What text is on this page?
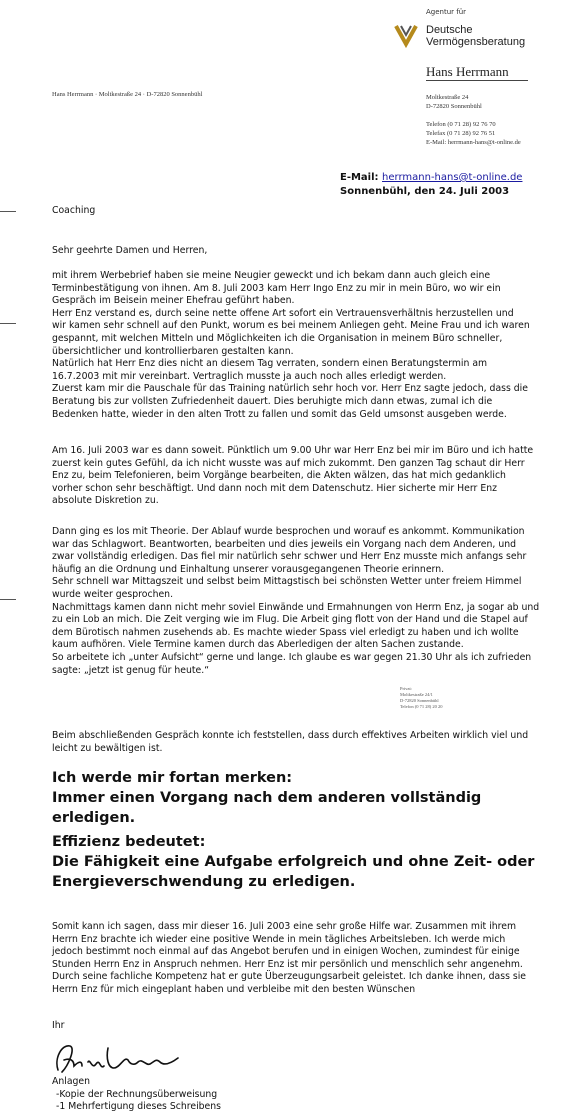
Agentur für
Deutsche
Vermögensberatung
Hans Herrmann
Hans Herrmann · Moltkestraße 24 · D-72820 Sonnenbühl	Moltkestraße 24
D-72820 Sonnenbühl
Telefon (0 71 28) 92 76 70
Telefax (0 71 28) 92 76 51
E-Mail: herrmann-hans@t-online.de
E-Mail: herrmann-hans@t-online.de
Sonnenbühl, den 24. Juli 2003
Coaching
Sehr geehrte Damen und Herren,
mit ihrem Werbebrief haben sie meine Neugier geweckt und ich bekam dann auch gleich eine
Terminbestätigung von ihnen. Am 8. Juli 2003 kam Herr Ingo Enz zu mir in mein Büro, wo wir ein
Gespräch im Beisein meiner Ehefrau geführt haben.
Herr Enz verstand es, durch seine nette offene Art sofort ein Vertrauensverhältnis herzustellen und
wir kamen sehr schnell auf den Punkt, worum es bei meinem Anliegen geht. Meine Frau und ich waren
gespannt, mit welchen Mitteln und Möglichkeiten ich die Organisation in meinem Büro schneller,
übersichtlicher und kontrollierbaren gestalten kann.
Natürlich hat Herr Enz dies nicht an diesem Tag verraten, sondern einen Beratungstermin am
16.7.2003 mit mir vereinbart. Vertraglich musste ja auch noch alles erledigt werden.
Zuerst kam mir die Pauschale für das Training natürlich sehr hoch vor. Herr Enz sagte jedoch, dass die
Beratung bis zur vollsten Zufriedenheit dauert. Dies beruhigte mich dann etwas, zumal ich die
Bedenken hatte, wieder in den alten Trott zu fallen und somit das Geld umsonst ausgeben werde.
Am 16. Juli 2003 war es dann soweit. Pünktlich um 9.00 Uhr war Herr Enz bei mir im Büro und ich hatte
zuerst kein gutes Gefühl, da ich nicht wusste was auf mich zukommt. Den ganzen Tag schaut dir Herr
Enz zu, beim Telefonieren, beim Vorgänge bearbeiten, die Akten wälzen, das hat mich gedanklich
vorher schon sehr beschäftigt. Und dann noch mit dem Datenschutz. Hier sicherte mir Herr Enz
absolute Diskretion zu.
Dann ging es los mit Theorie. Der Ablauf wurde besprochen und worauf es ankommt. Kommunikation
war das Schlagwort. Beantworten, bearbeiten und dies jeweils ein Vorgang nach dem Anderen, und
zwar vollständig erledigen. Das fiel mir natürlich sehr schwer und Herr Enz musste mich anfangs sehr
häufig an die Ordnung und Einhaltung unserer vorausgegangenen Theorie erinnern.
Sehr schnell war Mittagszeit und selbst beim Mittagstisch bei schönsten Wetter unter freiem Himmel
wurde weiter gesprochen.
Nachmittags kamen dann nicht mehr soviel Einwände und Ermahnungen von Herrn Enz, ja sogar ab und
zu ein Lob an mich. Die Zeit verging wie im Flug. Die Arbeit ging flott von der Hand und die Stapel auf
dem Bürotisch nahmen zusehends ab. Es machte wieder Spass viel erledigt zu haben und ich wollte
kaum aufhören. Viele Termine kamen durch das Aberledigen der alten Sachen zustande.
So arbeitete ich „unter Aufsicht“ gerne und lange. Ich glaube es war gegen 21.30 Uhr als ich zufrieden
sagte: „jetzt ist genug für heute.“
Privat:
Moltkestraße 24/1
D-72820 Sonnenbühl
Telefon (0 71 28) 20 20
Beim abschließenden Gespräch konnte ich feststellen, dass durch effektives Arbeiten wirklich viel und
leicht zu bewältigen ist.
Ich werde mir fortan merken:
Immer einen Vorgang nach dem anderen vollständig erledigen.
Effizienz bedeutet:
Die Fähigkeit eine Aufgabe erfolgreich und ohne Zeit- oder
Energieverschwendung zu erledigen.
Somit kann ich sagen, dass mir dieser 16. Juli 2003 eine sehr große Hilfe war. Zusammen mit ihrem
Herrn Enz brachte ich wieder eine positive Wende in mein tägliches Arbeitsleben. Ich werde mich
jedoch bestimmt noch einmal auf das Angebot berufen und in einigen Wochen, zumindest für einige
Stunden Herrn Enz in Anspruch nehmen. Herr Enz ist mir persönlich und menschlich sehr angenehm.
Durch seine fachliche Kompetenz hat er gute Überzeugungsarbeit geleistet. Ich danke ihnen, dass sie
Herrn Enz für mich eingeplant haben und verbleibe mit den besten Wünschen
Ihr
Anlagen
-Kopie der Rechnungsüberweisung
-1 Mehrfertigung dieses Schreibens
